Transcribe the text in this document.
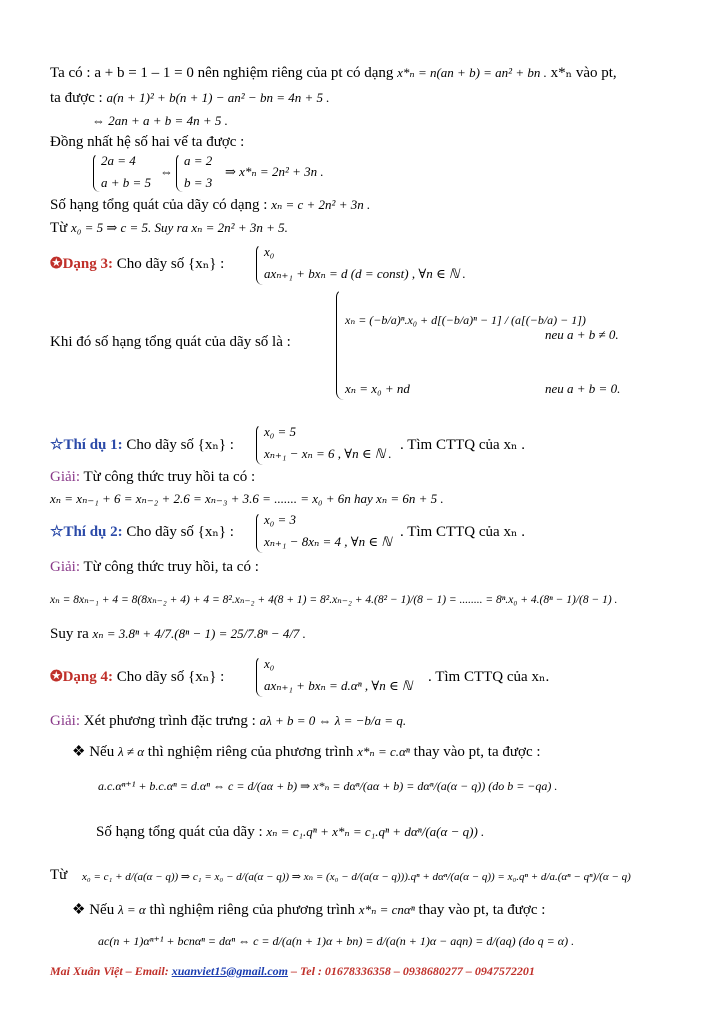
Ta có : a + b = 1 – 1 = 0 nên nghiệm riêng của pt có dạng x*ₙ = n(an + b) = an² + bn . x*ₙ vào pt,
ta được : a(n + 1)² + b(n + 1) − an² − bn = 4n + 5 .
⇔ 2an + a + b = 4n + 5 .
Đồng nhất hệ số hai vế ta được :
2a = 4
a + b = 5
⇔
a = 2
b = 3
⇒ x*ₙ = 2n² + 3n .
Số hạng tổng quát của dãy có dạng : xₙ = c + 2n² + 3n .
Từ x₀ = 5 ⇒ c = 5. Suy ra xₙ = 2n² + 3n + 5.
✪Dạng 3: Cho dãy số {xₙ} :
x₀
axₙ₊₁ + bxₙ = d (d = const) , ∀n ∈ ℕ .
Khi đó số hạng tổng quát của dãy số là :
xₙ = (−b/a)ⁿ.x₀ + d[(−b/a)ⁿ − 1] / (a[(−b/a) − 1])
neu a + b ≠ 0.
xₙ = x₀ + nd	neu a + b = 0.
☆Thí dụ 1: Cho dãy số {xₙ} :
x₀ = 5
xₙ₊₁ − xₙ = 6 , ∀n ∈ ℕ .
. Tìm CTTQ của xₙ .
Giải: Từ công thức truy hồi ta có :
xₙ = xₙ₋₁ + 6 = xₙ₋₂ + 2.6 = xₙ₋₃ + 3.6 = ....... = x₀ + 6n hay xₙ = 6n + 5 .
☆Thí dụ 2: Cho dãy số {xₙ} :
x₀ = 3
xₙ₊₁ − 8xₙ = 4 , ∀n ∈ ℕ
. Tìm CTTQ của xₙ .
Giải: Từ công thức truy hồi, ta có :
xₙ = 8xₙ₋₁ + 4 = 8(8xₙ₋₂ + 4) + 4 = 8².xₙ₋₂ + 4(8 + 1) = 8².xₙ₋₂ + 4.(8² − 1)/(8 − 1) = ........ = 8ⁿ.x₀ + 4.(8ⁿ − 1)/(8 − 1) .
Suy ra xₙ = 3.8ⁿ + 4/7.(8ⁿ − 1) = 25/7.8ⁿ − 4/7 .
✪Dạng 4: Cho dãy số {xₙ} :
x₀
axₙ₊₁ + bxₙ = d.αⁿ , ∀n ∈ ℕ
. Tìm CTTQ của xₙ.
Giải: Xét phương trình đặc trưng : aλ + b = 0 ⇔ λ = −b/a = q.
❖ Nếu λ ≠ α thì nghiệm riêng của phương trình x*ₙ = c.αⁿ thay vào pt, ta được :
a.c.αⁿ⁺¹ + b.c.αⁿ = d.αⁿ ⇔ c = d/(aα + b) ⇒ x*ₙ = dαⁿ/(aα + b) = dαⁿ/(a(α − q)) (do b = −qa) .
Số hạng tổng quát của dãy : xₙ = c₁.qⁿ + x*ₙ = c₁.qⁿ + dαⁿ/(a(α − q)) .
Từ x₀ = c₁ + d/(a(α − q)) ⇒ c₁ = x₀ − d/(a(α − q)) ⇒ xₙ = (x₀ − d/(a(α − q))).qⁿ + dαⁿ/(a(α − q)) = x₀.qⁿ + d/a.(αⁿ − qⁿ)/(α − q)
❖ Nếu λ = α thì nghiệm riêng của phương trình x*ₙ = cnαⁿ thay vào pt, ta được :
ac(n + 1)αⁿ⁺¹ + bcnαⁿ = dαⁿ ⇔ c = d/(a(n + 1)α + bn) = d/(a(n + 1)α − aqn) = d/(aq) (do q = α) .
Mai Xuân Việt – Email: xuanviet15@gmail.com – Tel : 01678336358 – 0938680277 – 0947572201
